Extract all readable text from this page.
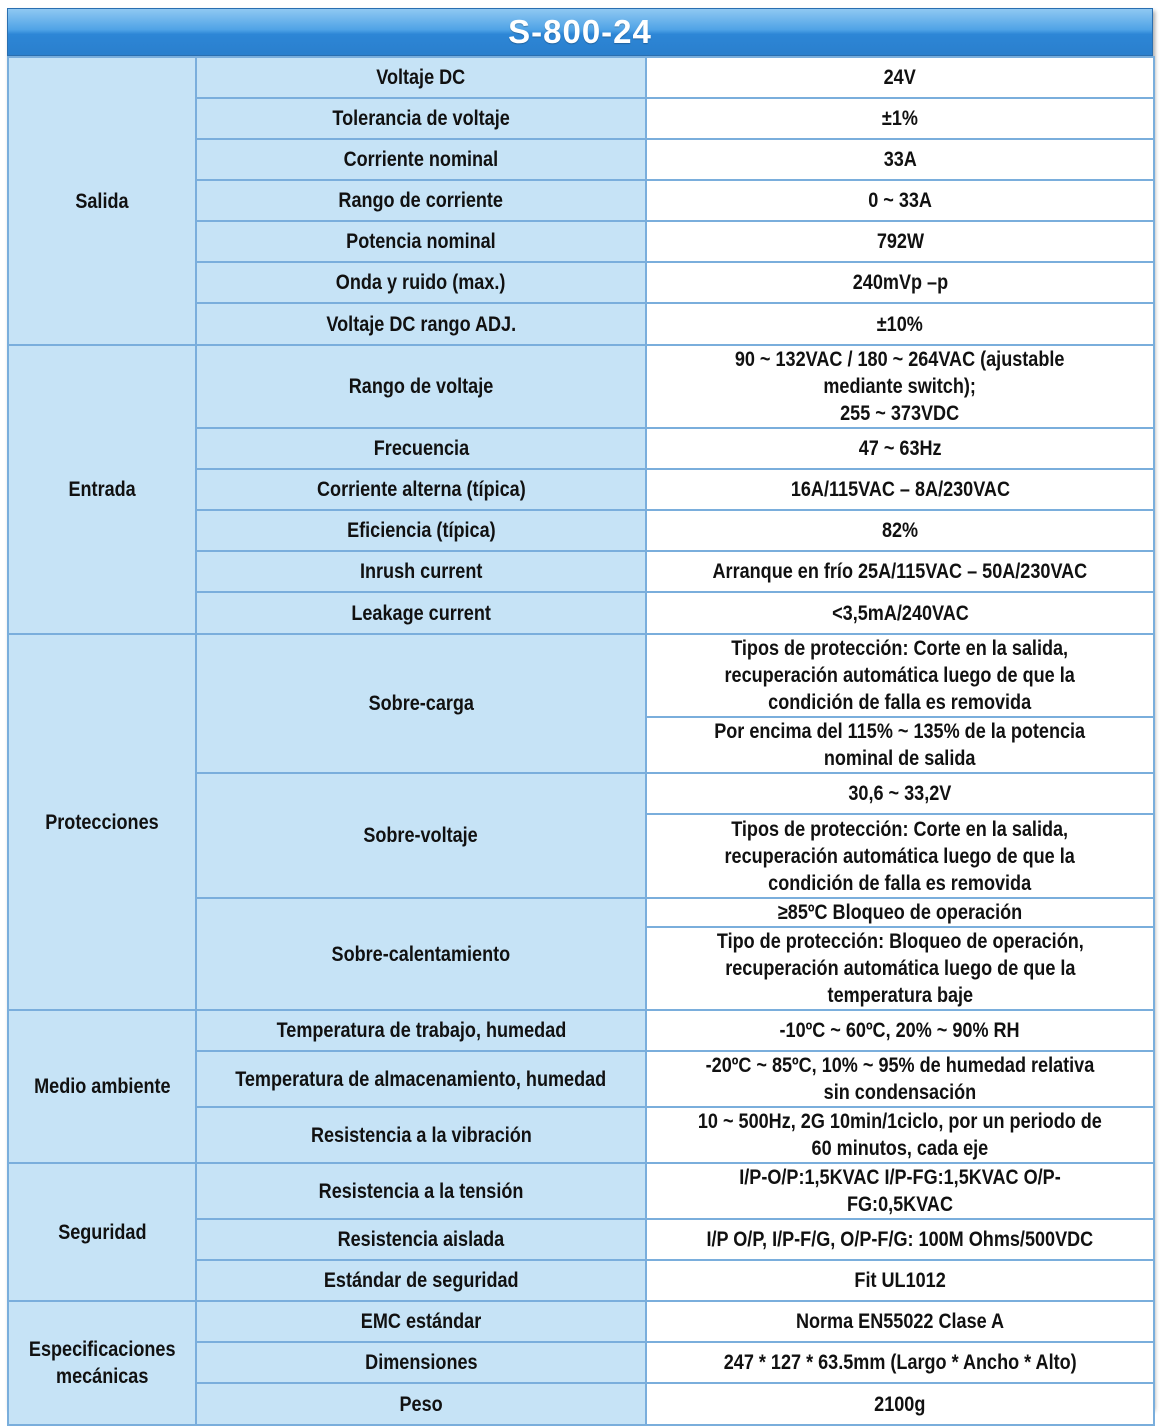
S-800-24
Salida	Voltaje DC	24V
	Tolerancia de voltaje	±1%
	Corriente nominal	33A
	Rango de corriente	0 ~ 33A
	Potencia nominal	792W
	Onda y ruido (max.)	240mVp –p
	Voltaje DC rango ADJ.	±10%
Entrada	Rango de voltaje	90 ~ 132VAC / 180 ~ 264VAC (ajustable
mediante switch);
255 ~ 373VDC
	Frecuencia	47 ~ 63Hz
	Corriente alterna (típica)	16A/115VAC – 8A/230VAC
	Eficiencia (típica)	82%
	Inrush current	Arranque en frío 25A/115VAC – 50A/230VAC
	Leakage current	<3,5mA/240VAC
Protecciones	Sobre-carga	Tipos de protección: Corte en la salida,
recuperación automática luego de que la
condición de falla es removida
		Por encima del 115% ~ 135% de la potencia
nominal de salida
	Sobre-voltaje	30,6 ~ 33,2V
		Tipos de protección: Corte en la salida,
recuperación automática luego de que la
condición de falla es removida
	Sobre-calentamiento	≥85ºC Bloqueo de operación
		Tipo de protección: Bloqueo de operación,
recuperación automática luego de que la
temperatura baje
Medio ambiente	Temperatura de trabajo, humedad	-10ºC ~ 60ºC, 20% ~ 90% RH
	Temperatura de almacenamiento, humedad	-20ºC ~ 85ºC, 10% ~ 95% de humedad relativa
sin condensación
	Resistencia a la vibración	10 ~ 500Hz, 2G 10min/1ciclo, por un periodo de
60 minutos, cada eje
Seguridad	Resistencia a la tensión	I/P-O/P:1,5KVAC I/P-FG:1,5KVAC O/P-FG:0,5KVAC
	Resistencia aislada	I/P O/P, I/P-F/G, O/P-F/G: 100M Ohms/500VDC
	Estándar de seguridad	Fit UL1012
Especificaciones
mecánicas	EMC estándar	Norma EN55022 Clase A
	Dimensiones	247 * 127 * 63.5mm (Largo * Ancho * Alto)
	Peso	2100g
